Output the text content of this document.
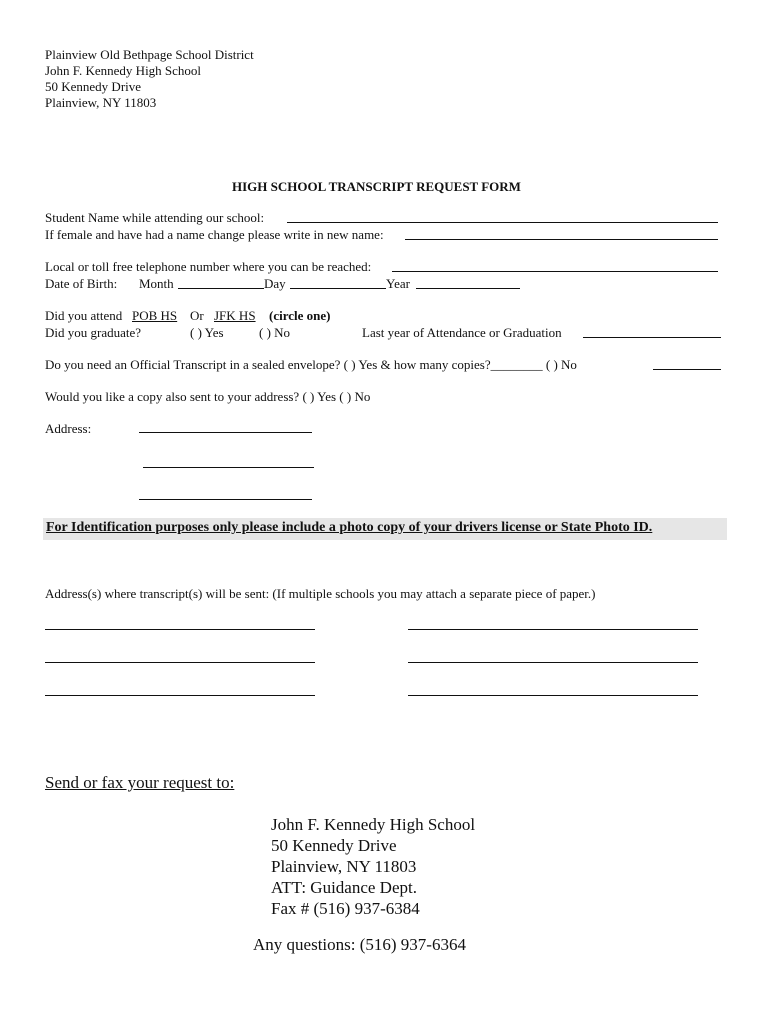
Plainview Old Bethpage School District
John F. Kennedy High School
50 Kennedy Drive
Plainview, NY 11803
HIGH SCHOOL TRANSCRIPT REQUEST FORM
Student Name while attending our school:
If female and have had a name change please write in new name:
Local or toll free telephone number where you can be reached:
Date of Birth: Month	Day	Year
Did you attend POB HS Or JFK HS (circle one)
Did you graduate?	( ) Yes	( ) No	Last year of Attendance or Graduation
Do you need an Official Transcript in a sealed envelope? ( ) Yes & how many copies?________ ( ) No
Would you like a copy also sent to your address? ( ) Yes ( ) No
Address:
For Identification purposes only please include a photo copy of your drivers license or State Photo ID.
Address(s) where transcript(s) will be sent: (If multiple schools you may attach a separate piece of paper.)
Send or fax your request to:
John F. Kennedy High School
50 Kennedy Drive
Plainview, NY 11803
ATT: Guidance Dept.
Fax # (516) 937-6384
Any questions: (516) 937-6364
